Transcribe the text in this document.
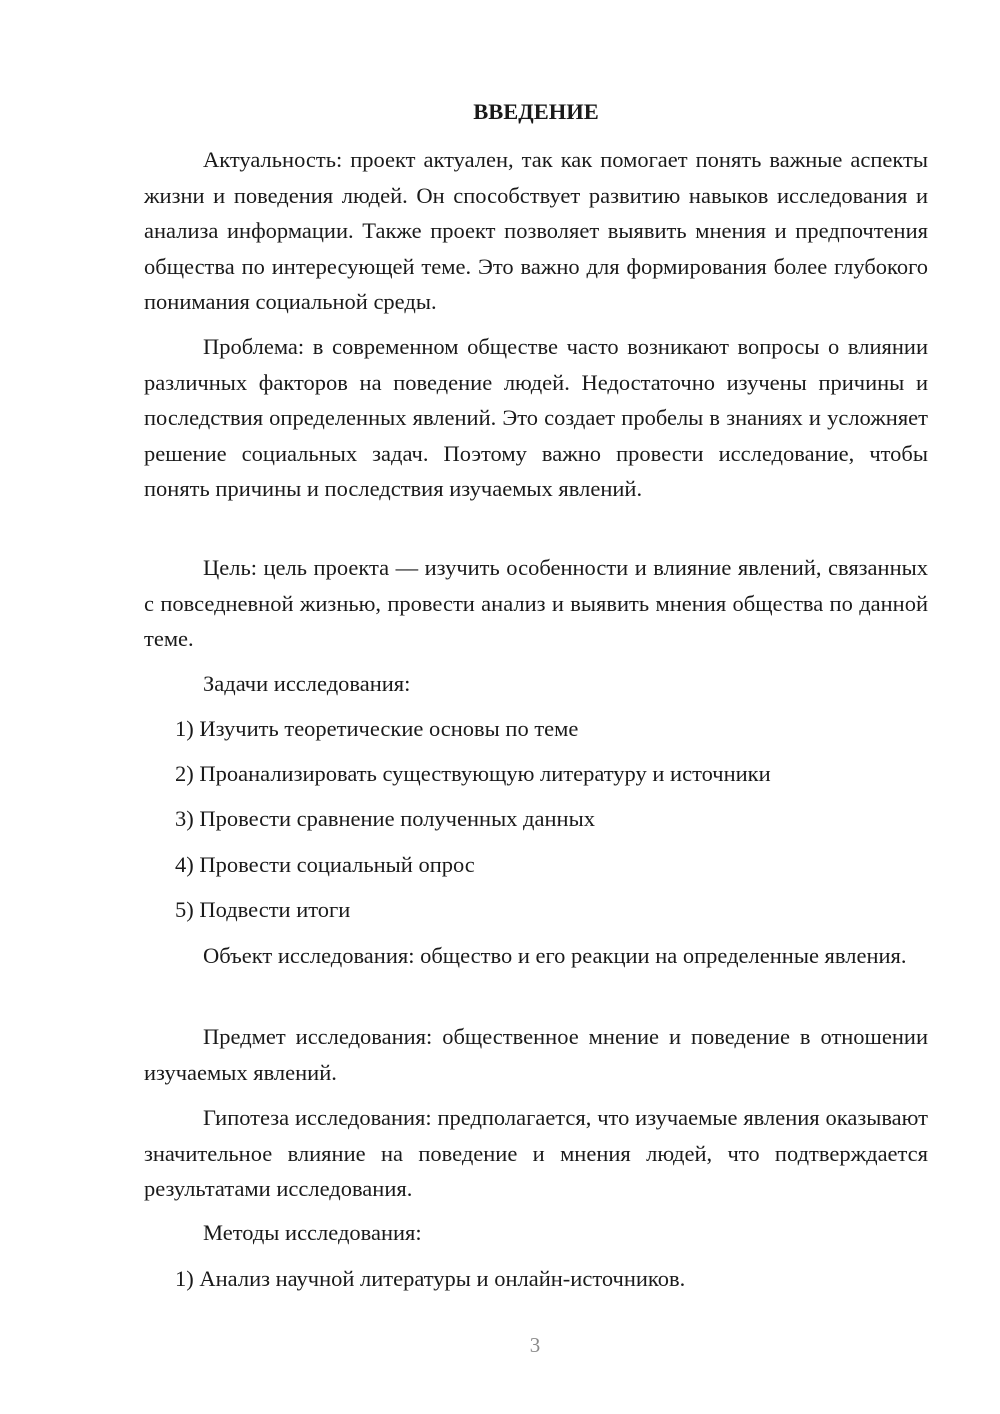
ВВЕДЕНИЕ

Актуальность: проект актуален, так как помогает понять важные аспекты жизни и поведения людей. Он способствует развитию навыков исследования и анализа информации. Также проект позволяет выявить мнения и предпочтения общества по интересующей теме. Это важно для формирования более глубокого понимания социальной среды.

Проблема: в современном обществе часто возникают вопросы о влиянии различных факторов на поведение людей. Недостаточно изучены причины и последствия определенных явлений. Это создает пробелы в знаниях и усложняет решение социальных задач. Поэтому важно провести исследование, чтобы понять причины и последствия изучаемых явлений.

Цель: цель проекта — изучить особенности и влияние явлений, связанных с повседневной жизнью, провести анализ и выявить мнения общества по данной теме.

Задачи исследования:

1) Изучить теоретические основы по теме

2) Проанализировать существующую литературу и источники

3) Провести сравнение полученных данных

4) Провести социальный опрос

5) Подвести итоги

Объект исследования: общество и его реакции на определенные явления.

Предмет исследования: общественное мнение и поведение в отношении изучаемых явлений.

Гипотеза исследования: предполагается, что изучаемые явления оказывают значительное влияние на поведение и мнения людей, что подтверждается результатами исследования.

Методы исследования:

1) Анализ научной литературы и онлайн-источников.

3
